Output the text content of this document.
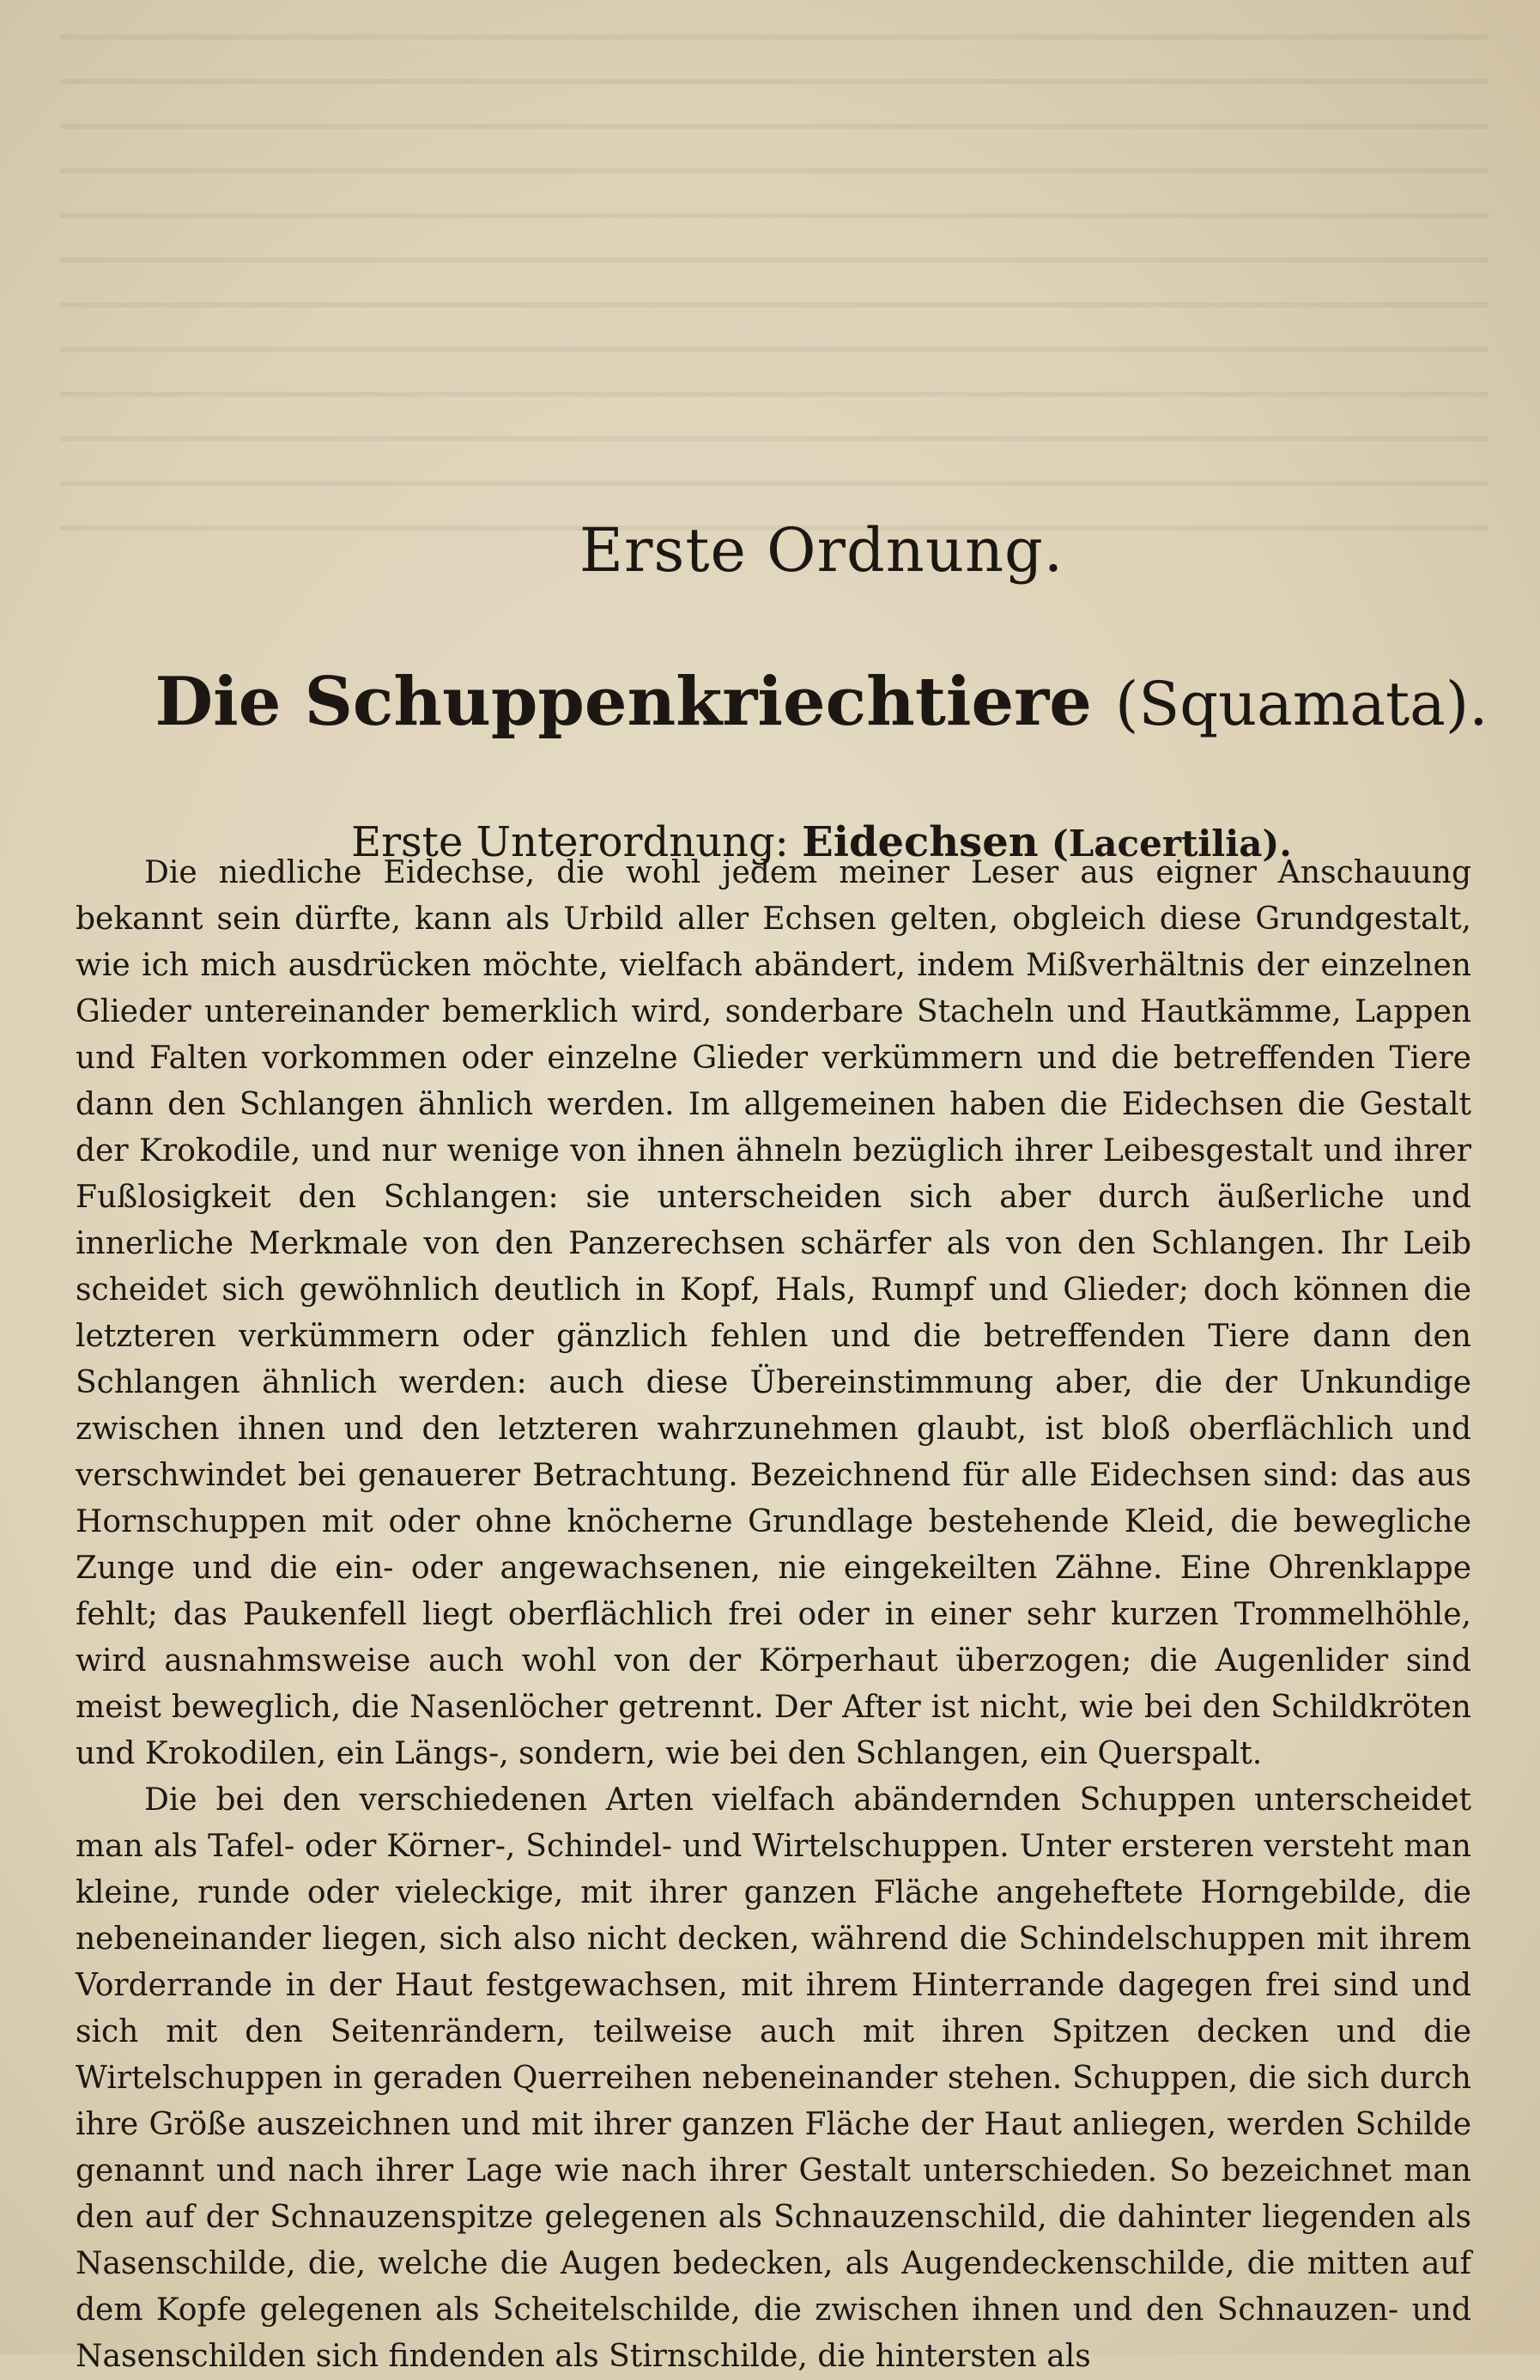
Erste Ordnung.
Die Schuppenkriechtiere (Squamata).
Erste Unterordnung: Eidechsen (Lacertilia).

Die niedliche Eidechse, die wohl jedem meiner Leser aus eigner Anschauung bekannt sein dürfte, kann als Urbild aller Echsen gelten, obgleich diese Grundgestalt, wie ich mich ausdrücken möchte, vielfach abändert, indem Mißverhältnis der einzelnen Glieder untereinander bemerklich wird, sonderbare Stacheln und Hautkämme, Lappen und Falten vorkommen oder einzelne Glieder verkümmern und die betreffenden Tiere dann den Schlangen ähnlich werden. Im allgemeinen haben die Eidechsen die Gestalt der Krokodile, und nur wenige von ihnen ähneln bezüglich ihrer Leibesgestalt und ihrer Fußlosigkeit den Schlangen: sie unterscheiden sich aber durch äußerliche und innerliche Merkmale von den Panzerechsen schärfer als von den Schlangen. Ihr Leib scheidet sich gewöhnlich deutlich in Kopf, Hals, Rumpf und Glieder; doch können die letzteren verkümmern oder gänzlich fehlen und die betreffenden Tiere dann den Schlangen ähnlich werden: auch diese Übereinstimmung aber, die der Unkundige zwischen ihnen und den letzteren wahrzunehmen glaubt, ist bloß oberflächlich und verschwindet bei genauerer Betrachtung. Bezeichnend für alle Eidechsen sind: das aus Hornschuppen mit oder ohne knöcherne Grundlage bestehende Kleid, die bewegliche Zunge und die ein- oder angewachsenen, nie eingekeilten Zähne. Eine Ohrenklappe fehlt; das Paukenfell liegt oberflächlich frei oder in einer sehr kurzen Trommelhöhle, wird ausnahmsweise auch wohl von der Körperhaut überzogen; die Augenlider sind meist beweglich, die Nasenlöcher getrennt. Der After ist nicht, wie bei den Schildkröten und Krokodilen, ein Längs-, sondern, wie bei den Schlangen, ein Querspalt.

Die bei den verschiedenen Arten vielfach abändernden Schuppen unterscheidet man als Tafel- oder Körner-, Schindel- und Wirtelschuppen. Unter ersteren versteht man kleine, runde oder vieleckige, mit ihrer ganzen Fläche angeheftete Horngebilde, die nebeneinander liegen, sich also nicht decken, während die Schindelschuppen mit ihrem Vorderrande in der Haut festgewachsen, mit ihrem Hinterrande dagegen frei sind und sich mit den Seitenrändern, teilweise auch mit ihren Spitzen decken und die Wirtelschuppen in geraden Querreihen nebeneinander stehen. Schuppen, die sich durch ihre Größe auszeichnen und mit ihrer ganzen Fläche der Haut anliegen, werden Schilde genannt und nach ihrer Lage wie nach ihrer Gestalt unterschieden. So bezeichnet man den auf der Schnauzenspitze gelegenen als Schnauzenschild, die dahinter liegenden als Nasenschilde, die, welche die Augen bedecken, als Augendeckenschilde, die mitten auf dem Kopfe gelegenen als Scheitelschilde, die zwischen ihnen und den Schnauzen- und Nasenschilden sich findenden als Stirnschilde, die hintersten als
